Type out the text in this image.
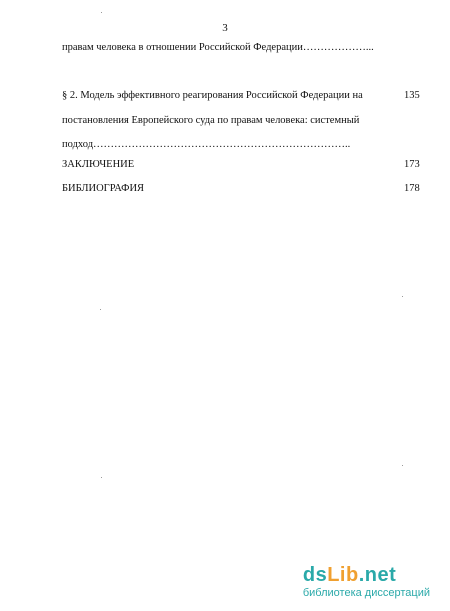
3
правам человека в отношении Российской Федерации………………...
§ 2. Модель эффективного реагирования Российской Федерации на	135
постановления Европейского суда по правам человека: системный
подход………………………………………………………………..
ЗАКЛЮЧЕНИЕ	173
БИБЛИОГРАФИЯ	178
dsLib.net
библиотека диссертаций
